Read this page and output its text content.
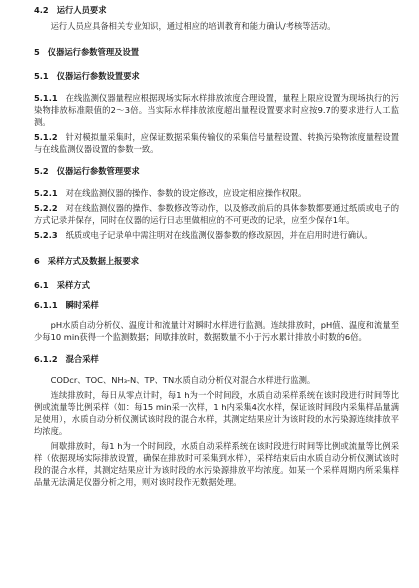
4.2 运行人员要求

运行人员应具备相关专业知识，通过相应的培训教育和能力确认/考核等活动。

5 仪器运行参数管理及设置
5.1 仪器运行参数设置要求

5.1.1 在线监测仪器量程应根据现场实际水样排放浓度合理设置，量程上限应设置为现场执行的污染物排放标准限值的2～3倍。当实际水样排放浓度超出量程设置要求时应按9.7的要求进行人工监测。

5.1.2 针对模拟量采集时，应保证数据采集传输仪的采集信号量程设置、转换污染物浓度量程设置与在线监测仪器设置的参数一致。

5.2 仪器运行参数管理要求

5.2.1 对在线监测仪器的操作、参数的设定修改，应设定相应操作权限。

5.2.2 对在线监测仪器的操作、参数修改等动作，以及修改前后的具体参数都要通过纸质或电子的方式记录并保存，同时在仪器的运行日志里做相应的不可更改的记录，应至少保存1年。

5.2.3 纸质或电子记录单中需注明对在线监测仪器参数的修改原因，并在启用时进行确认。

6 采样方式及数据上报要求
6.1 采样方式
6.1.1 瞬时采样

pH水质自动分析仪、温度计和流量计对瞬时水样进行监测。连续排放时，pH值、温度和流量至少每10 min获得一个监测数据；间歇排放时，数据数量不小于污水累计排放小时数的6倍。

6.1.2 混合采样

CODcr、TOC、NH₃-N、TP、TN水质自动分析仪对混合水样进行监测。

连续排放时，每日从零点计时，每1 h为一个时间段，水质自动采样系统在该时段进行时间等比例或流量等比例采样（如：每15 min采一次样，1 h内采集4次水样，保证该时间段内采集样品量满足使用），水质自动分析仪测试该时段的混合水样，其测定结果应计为该时段的水污染源连续排放平均浓度。

间歇排放时，每1 h为一个时间段，水质自动采样系统在该时段进行时间等比例或流量等比例采样（依据现场实际排放设置，确保在排放时可采集到水样），采样结束后由水质自动分析仪测试该时段的混合水样，其测定结果应计为该时段的水污染源排放平均浓度。如某一个采样周期内所采集样品量无法满足仪器分析之用，则对该时段作无数据处理。
